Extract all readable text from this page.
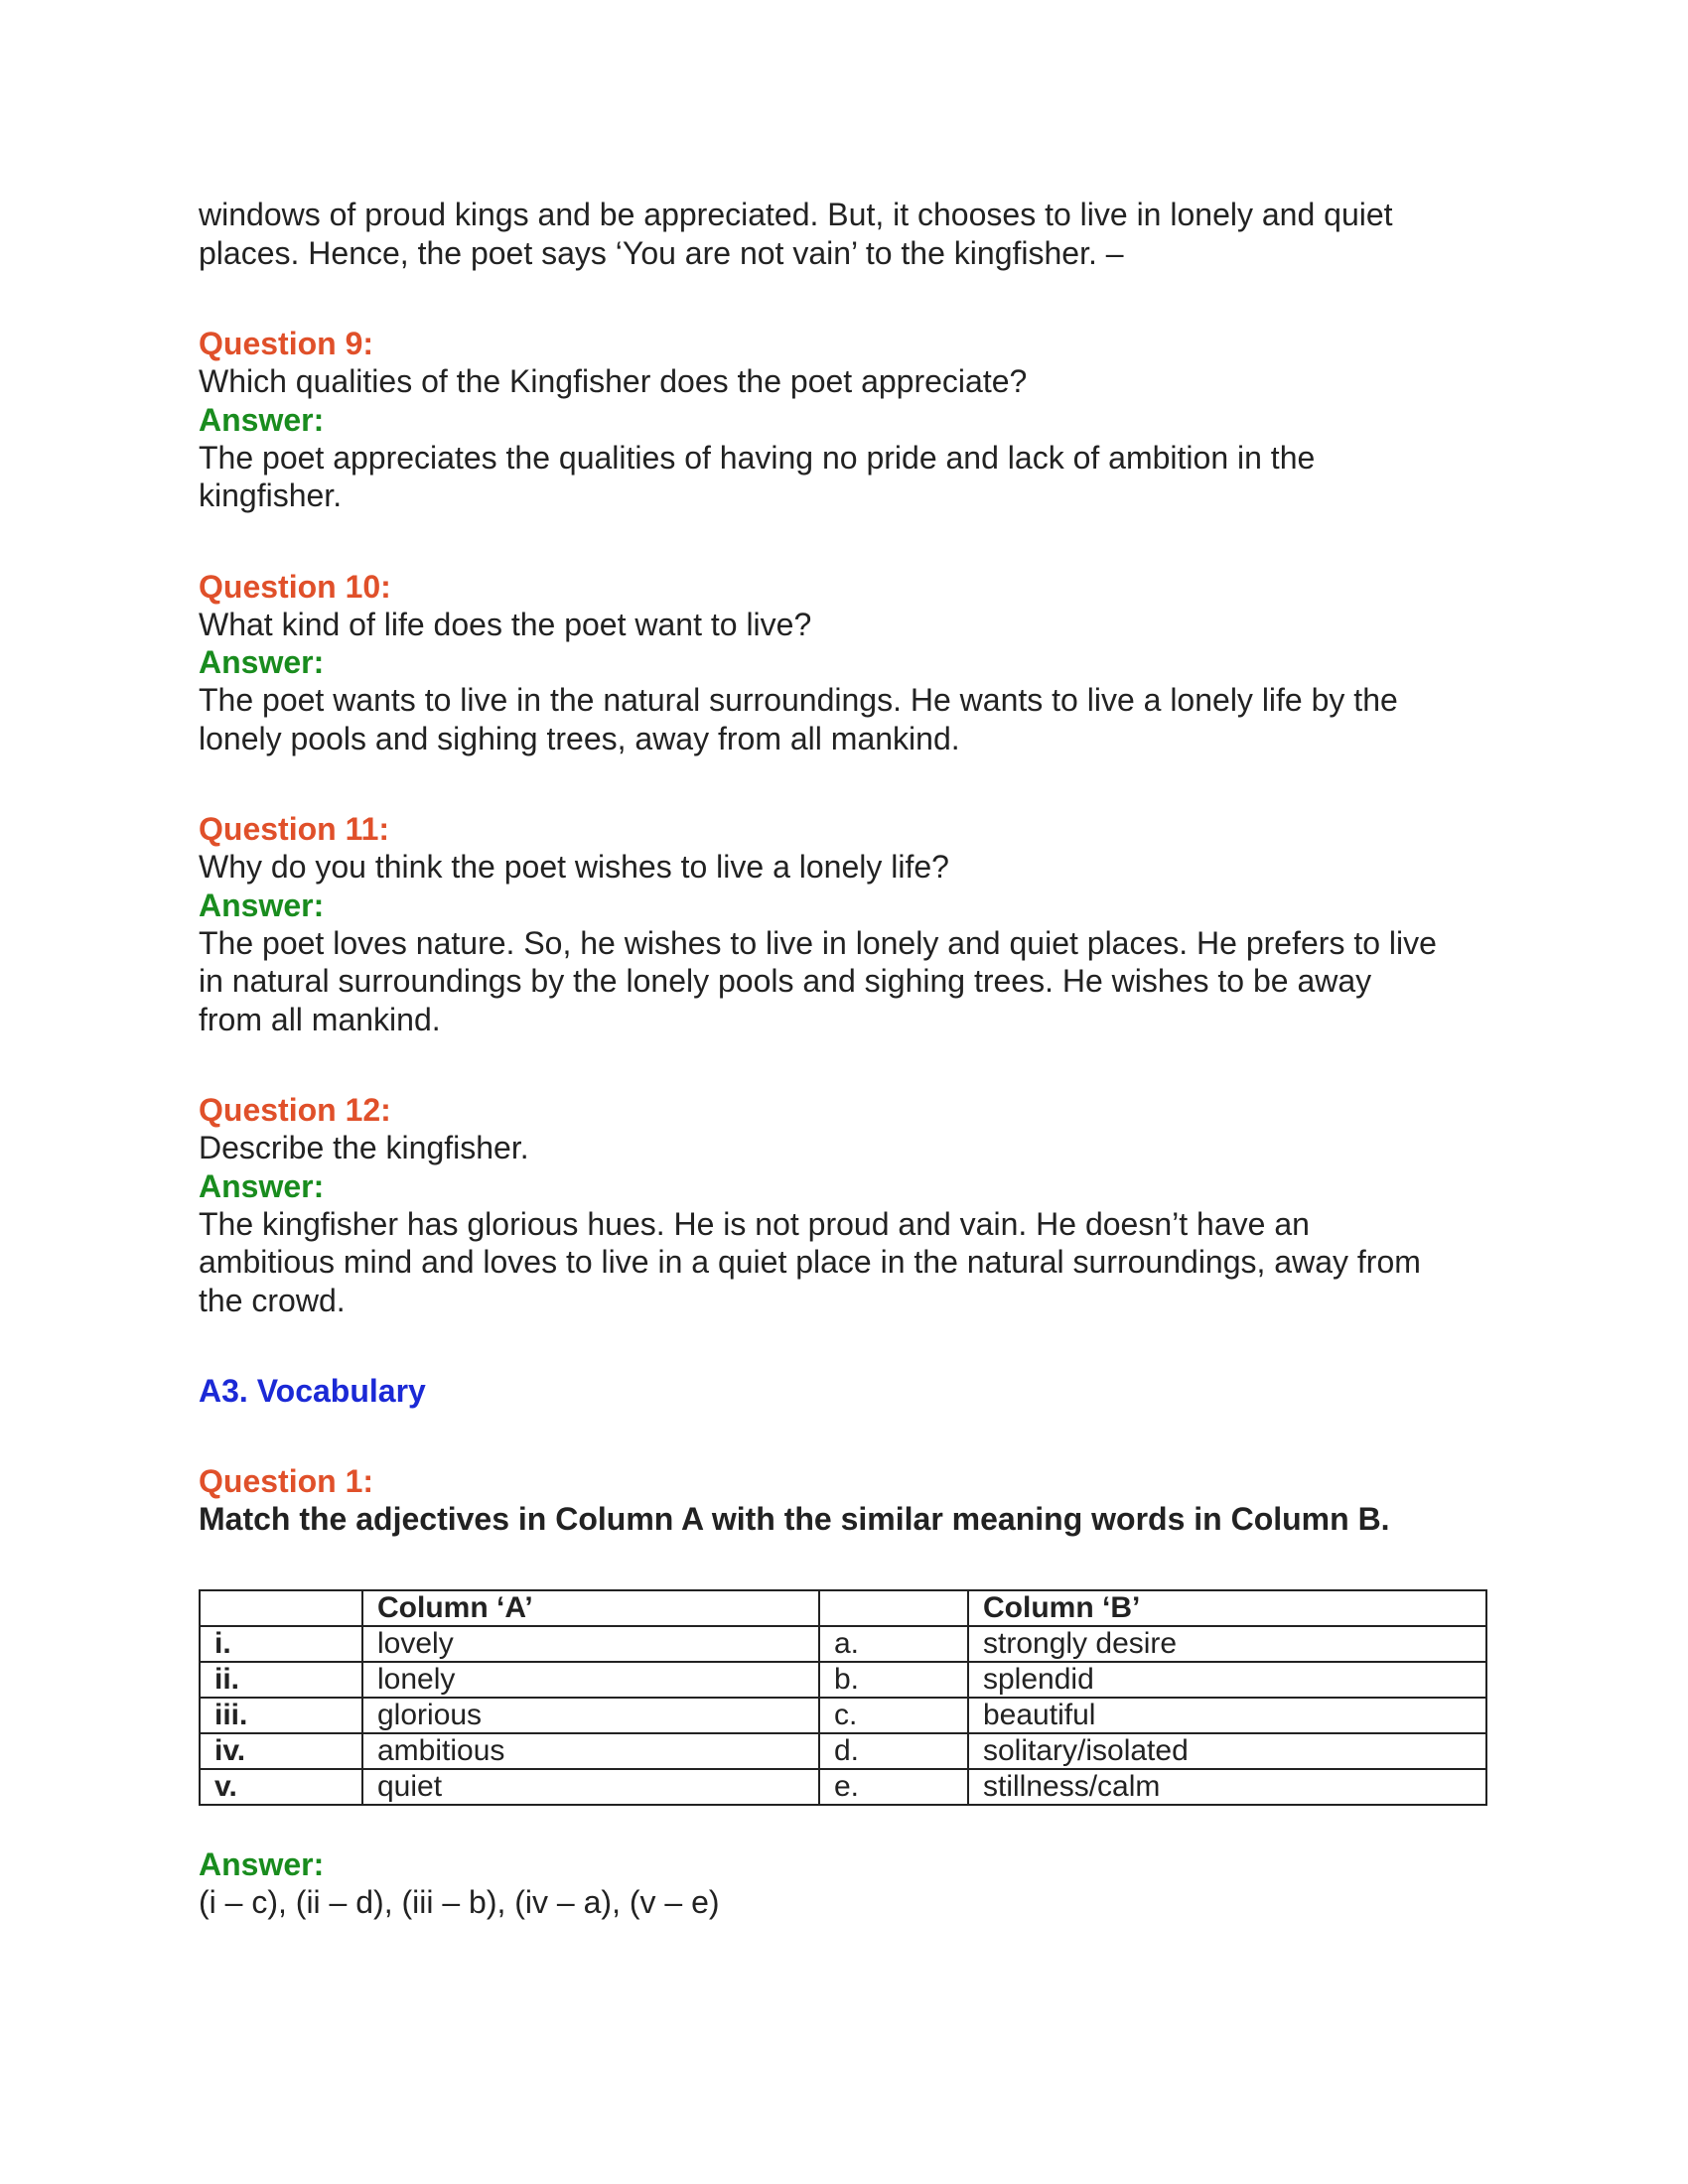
windows of proud kings and be appreciated. But, it chooses to live in lonely and quiet
places. Hence, the poet says ‘You are not vain’ to the kingfisher. –

Question 9:

Which qualities of the Kingfisher does the poet appreciate?

Answer:

The poet appreciates the qualities of having no pride and lack of ambition in the
kingfisher.

Question 10:

What kind of life does the poet want to live?

Answer:

The poet wants to live in the natural surroundings. He wants to live a lonely life by the
lonely pools and sighing trees, away from all mankind.

Question 11:

Why do you think the poet wishes to live a lonely life?

Answer:

The poet loves nature. So, he wishes to live in lonely and quiet places. He prefers to live
in natural surroundings by the lonely pools and sighing trees. He wishes to be away
from all mankind.

Question 12:

Describe the kingfisher.

Answer:

The kingfisher has glorious hues. He is not proud and vain. He doesn’t have an
ambitious mind and loves to live in a quiet place in the natural surroundings, away from
the crowd.

A3. Vocabulary

Question 1:

Match the adjectives in Column A with the similar meaning words in Column B.

	Column ‘A’		Column ‘B’
i.	lovely	a.	strongly desire
ii.	lonely	b.	splendid
iii.	glorious	c.	beautiful
iv.	ambitious	d.	solitary/isolated
v.	quiet	e.	stillness/calm

Answer:

(i – c), (ii – d), (iii – b), (iv – a), (v – e)
